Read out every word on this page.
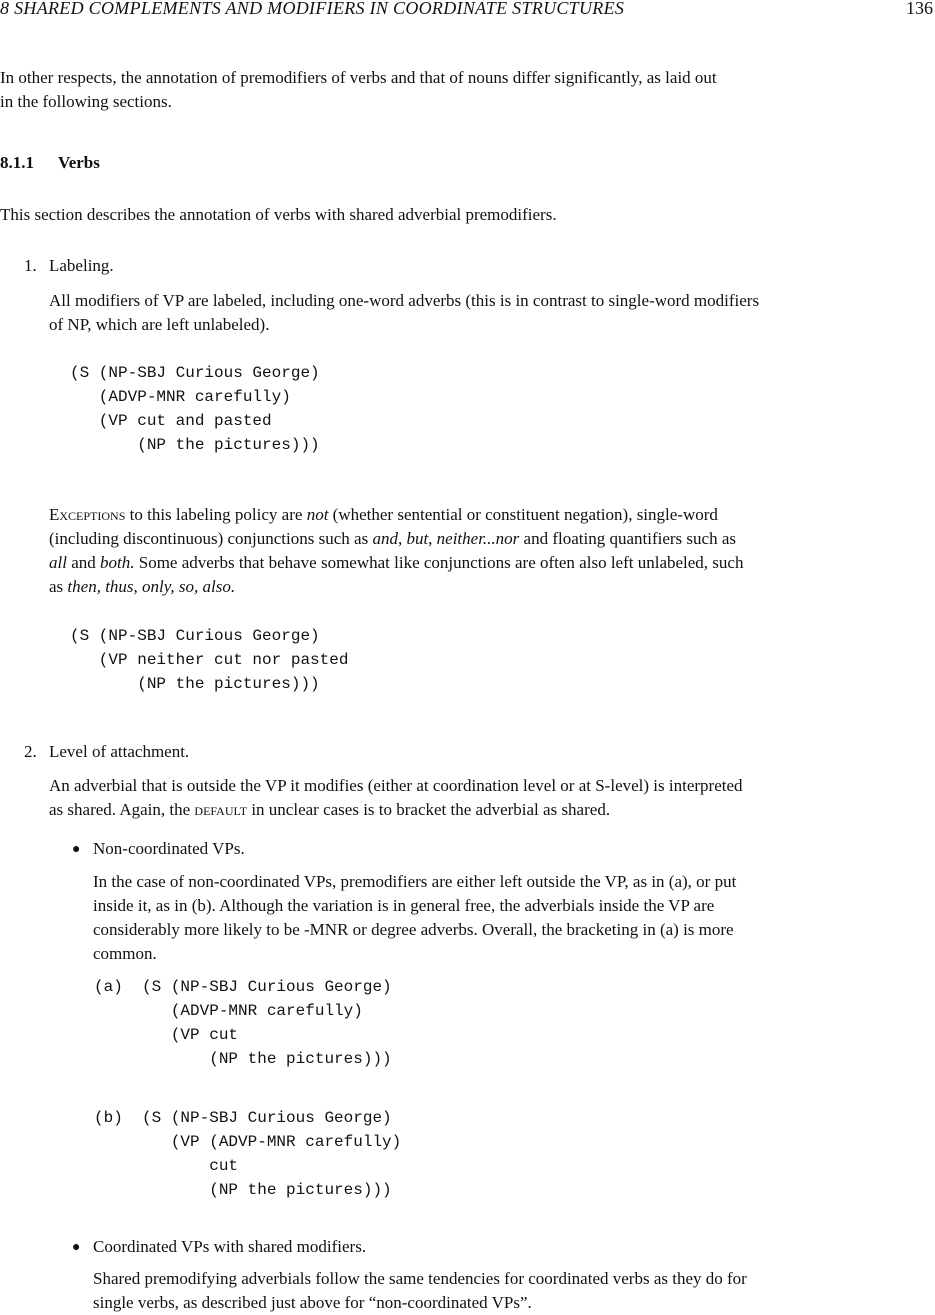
8 SHARED COMPLEMENTS AND MODIFIERS IN COORDINATE STRUCTURES	136
In other respects, the annotation of premodifiers of verbs and that of nouns differ significantly, as laid out
in the following sections.
8.1.1 Verbs
This section describes the annotation of verbs with shared adverbial premodifiers.
1. Labeling.
All modifiers of VP are labeled, including one-word adverbs (this is in contrast to single-word modifiers
of NP, which are left unlabeled).
(S (NP-SBJ Curious George)
(ADVP-MNR carefully)
(VP cut and pasted
(NP the pictures)))
Exceptions to this labeling policy are not (whether sentential or constituent negation), single-word
(including discontinuous) conjunctions such as and, but, neither...nor and floating quantifiers such as
all and both. Some adverbs that behave somewhat like conjunctions are often also left unlabeled, such
as then, thus, only, so, also.
(S (NP-SBJ Curious George)
(VP neither cut nor pasted
(NP the pictures)))
2. Level of attachment.
An adverbial that is outside the VP it modifies (either at coordination level or at S-level) is interpreted
as shared. Again, the default in unclear cases is to bracket the adverbial as shared.
● Non-coordinated VPs.
In the case of non-coordinated VPs, premodifiers are either left outside the VP, as in (a), or put
inside it, as in (b). Although the variation is in general free, the adverbials inside the VP are
considerably more likely to be -MNR or degree adverbs. Overall, the bracketing in (a) is more
common.
(a)  (S (NP-SBJ Curious George)
(ADVP-MNR carefully)
(VP cut
(NP the pictures)))
(b)  (S (NP-SBJ Curious George)
(VP (ADVP-MNR carefully)
cut
(NP the pictures)))
● Coordinated VPs with shared modifiers.
Shared premodifying adverbials follow the same tendencies for coordinated verbs as they do for
single verbs, as described just above for “non-coordinated VPs”.
